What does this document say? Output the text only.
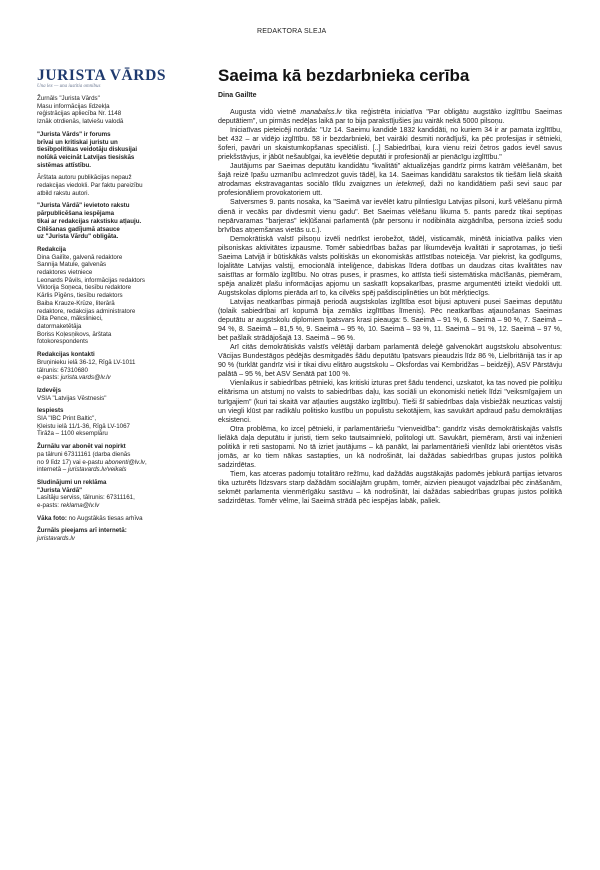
REDAKTORA SLEJA
JURISTA VĀRDS
Una lex — una iustitia omnibus

Žurnāls "Jurista Vārds"
Masu informācijas līdzekļa
reģistrācijas apliecība Nr. 1148
Iznāk otrdienās, latviešu valodā

"Jurista Vārds" ir forums
brīvai un kritiskai juristu un
tiesībpolitikas veidotāju diskusijai
nolūkā veicināt Latvijas tiesiskās
sistēmas attīstību.

Ārštata autoru publikācijas nepauž
redakcijas viedokli. Par faktu pareizību
atbild rakstu autori.

"Jurista Vārdā" ievietoto rakstu
pārpublicēšana iespējama
tikai ar redakcijas rakstisku atļauju.
Citēšanas gadījumā atsauce
uz "Jurista Vārdu" obligāta.

Redakcija
Dina Gailīte, galvenā redaktore
Sannija Matule, galvenās
redaktores vietniece
Leonards Pāvils, informācijas redaktors
Viktorija Soņeca, tiesību redaktore
Kārlis Pīgēns, tiesību redaktors
Baiba Krauze-Krūze, literārā
redaktore, redakcijas administratore
Dita Pence, mākslinieci,
datormaketētāja
Boriss Koļesņikovs, ārštata
fotokorespondents

Redakcijas kontakti
Bruņinieku ielā 36-12, Rīgā LV-1011
tālrunis: 67310680
e-pasts: jurista.vards@lv.lv

Izdevējs
VSIA "Latvijas Vēstnesis"

Iespiests
SIA "IBC Print Baltic",
Ķleistu ielā 11/1-36, Rīgā LV-1067
Tirāža – 1100 eksemplāru

Žurnālu var abonēt vai nopirkt
pa tālruni 67311161 (darba dienās
no 9 līdz 17) vai e-pastu abonenti@lv.lv,
internetā – juristavards.lv/veikals

Sludinājumi un reklāma
"Jurista Vārdā"
Lasītāju serviss, tālrunis: 67311161,
e-pasts: reklama@lv.lv

Vāka foto: no Augstākās tiesas arhīva

Žurnāls pieejams arī internetā:
juristavards.lv

Saeima kā bezdarbnieka cerība
Dina Gailīte

Augusta vidū vietnē manabalss.lv tika reģistrēta iniciatīva "Par obligātu augstāko izglītību Saeimas deputātiem", un pirmās nedēļas laikā par to bija parakstījušies jau vairāk nekā 5000 pilsoņu.

Iniciatīvas pieteicēji norāda: "Uz 14. Saeimu kandidē 1832 kandidāti, no kuriem 34 ir ar pamata izglītību, bet 432 – ar vidējo izglītību. 58 ir bezdarbnieki, bet vairāki desmiti norādījuši, ka pēc profesijas ir sētnieki, šoferi, pavāri un skaistumkopšanas speciālisti. [..] Sabiedrībai, kura vienu reizi četros gados ievēl savus priekšstāvjus, ir jābūt nešaubīgai, ka ievēlētie deputāti ir profesionāļi ar pienācīgu izglītību."

Jautājums par Saeimas deputātu kandidātu "kvalitāti" aktualizējas gandrīz pirms katrām vēlēšanām, bet šajā reizē īpašu uzmanību acīmredzot guvis tādēļ, ka 14. Saeimas kandidātu sarakstos tik tiešām lielā skaitā atrodamas ekstravagantas sociālo tīklu zvaigznes un ietekmeļi, daži no kandidātiem paši sevi sauc par profesionāliem provokatoriem utt.

Satversmes 9. pants nosaka, ka "Saeimā var ievēlēt katru pilntiesīgu Latvijas pilsoni, kurš vēlēšanu pirmā dienā ir vecāks par divdesmit vienu gadu". Bet Saeimas vēlēšanu likuma 5. pants paredz tikai septiņas nepārvaramas "barjeras" iekļūšanai parlamentā (pār personu ir nodibināta aizgādnība, persona izcieš sodu brīvības atņemšanas vietās u.c.).

Demokrātiskā valstī pilsoņu izvēli nedrīkst ierobežot, tādēļ, visticamāk, minētā iniciatīva paliks vien pilsoniskas aktivitātes izpausme. Tomēr sabiedrības bažas par likumdevēja kvalitāti ir saprotamas, jo tieši Saeima Latvijā ir būtiskākās valsts politiskās un ekonomiskās attīstības noteicēja. Var piekrist, ka godīgums, lojalitāte Latvijas valstij, emocionālā inteliģence, dabiskas līdera dotības un daudzas citas kvalitātes nav saistītas ar formālo izglītību. No otras puses, ir prasmes, ko attīsta tieši sistemātiska mācīšanās, piemēram, spēja analizēt plašu informācijas apjomu un saskatīt kopsakarības, prasme argumentēti izteikt viedokli utt. Augstskolas diploms pierāda arī to, ka cilvēks spēj pašdisciplinēties un būt mērķtiecīgs.

Latvijas neatkarības pirmajā periodā augstskolas izglītība esot bijusi aptuveni pusei Saeimas deputātu (tolaik sabiedrībai arī kopumā bija zemāks izglītības līmenis). Pēc neatkarības atjaunošanas Saeimas deputātu ar augstskolu diplomiem īpatsvars krasi pieauga: 5. Saeimā – 91 %, 6. Saeimā – 90 %, 7. Saeimā – 94 %, 8. Saeimā – 81,5 %, 9. Saeimā – 95 %, 10. Saeimā – 93 %, 11. Saeimā – 91 %, 12. Saeimā – 97 %, bet pašlaik strādājošajā 13. Saeimā – 96 %.

Arī citās demokrātiskās valstīs vēlētāji darbam parlamentā deleģē galvenokārt augstskolu absolventus: Vācijas Bundestāgos pēdējās desmitgadēs šādu deputātu īpatsvars pieaudzis līdz 86 %, Lielbritānijā tas ir ap 90 % (turklāt gandrīz visi ir tikai divu elitāro augstskolu – Oksfordas vai Kembridžas – beidzēji), ASV Pārstāvju palātā – 95 %, bet ASV Senātā pat 100 %.

Vienlaikus ir sabiedrības pētnieki, kas kritiski izturas pret šādu tendenci, uzskatot, ka tas noved pie politiķu elitārisma un atstumj no valsts to sabiedrības daļu, kas sociāli un ekonomiski netiek līdzi "veiksmīgajiem un turīgajiem" (kuri tai skaitā var atļauties augstāko izglītību). Tieši šī sabiedrības daļa visbiežāk neuzticas valstij un viegli klūst par radikālu politisko kustību un populistu sekotājiem, kas savukārt apdraud pašu demokrātijas eksistenci.

Otra problēma, ko izceļ pētnieki, ir parlamentāriešu "vienveidība": gandrīz visās demokrātiskajās valstīs lielākā daļa deputātu ir juristi, tiem seko tautsaimnieki, politologi utt. Savukārt, piemēram, ārsti vai inženieri politikā ir reti sastopami. No tā izriet jautājums – kā panākt, lai parlamentārieši vienlīdz labi orientētos visās jomās, ar ko tiem nākas sastapties, un kā nodrošināt, lai dažādas sabiedrības grupas justos politikā sadzirdētas.

Tiem, kas atceras padomju totalitāro režīmu, kad dažādās augstākajās padomēs jebkurā partijas ietvaros tika uzturēts līdzsvars starp dažādām sociālajām grupām, tomēr, aizvien pieaugot vajadzībai pēc zināšanām, sekmēt parlamenta vienmērīgāku sastāvu – kā nodrošināt, lai dažādas sabiedrības grupas justos politikā sadzirdētas. Tomēr vēlme, lai Saeimā strādā pēc iespējas labāk, paliek.
